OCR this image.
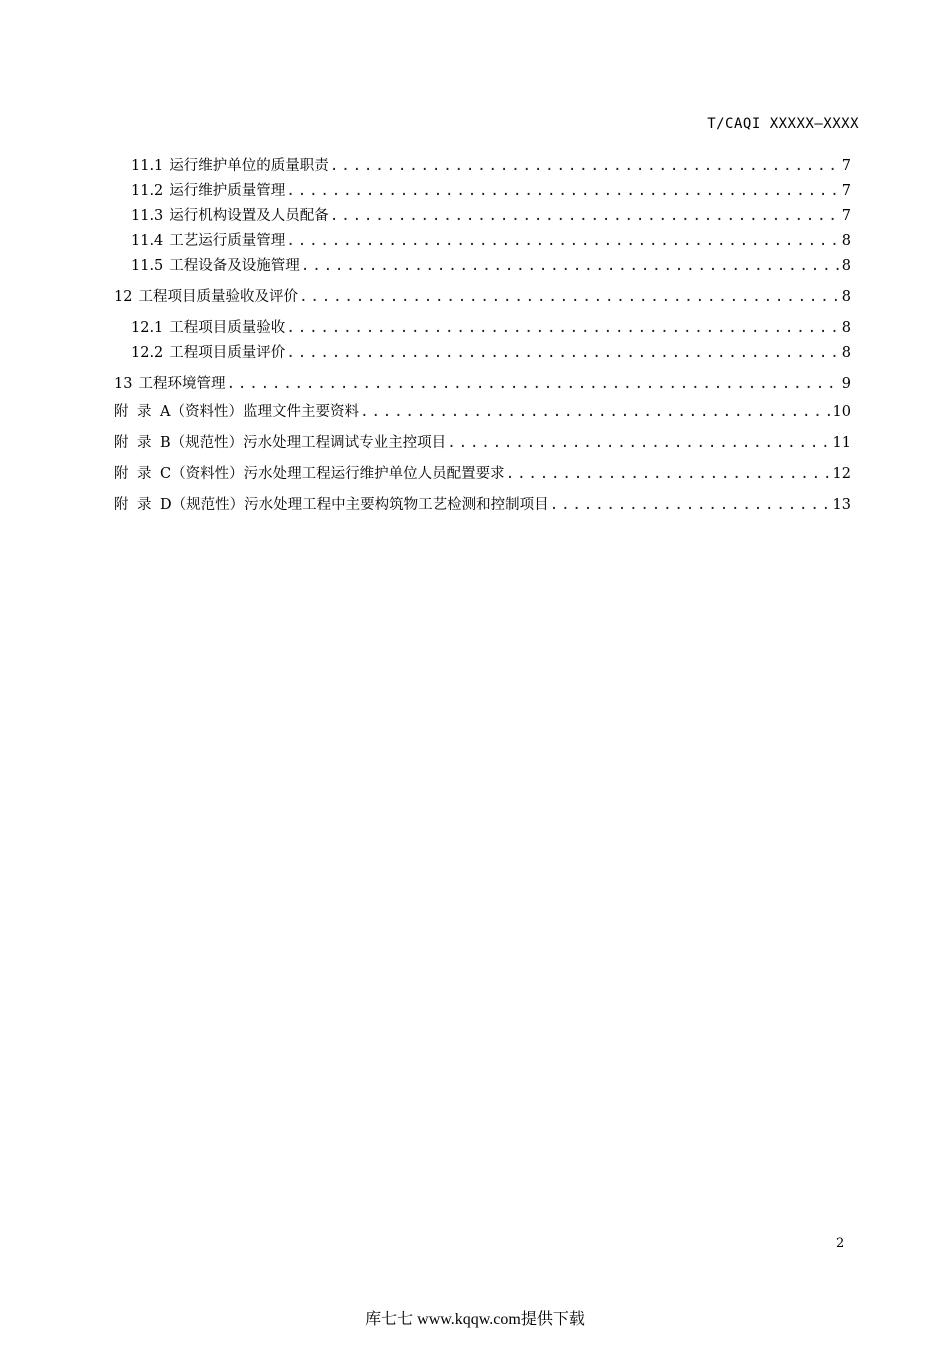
T/CAQI XXXXX—XXXX
11.1 运行维护单位的质量职责 .....	7
11.2 运行维护质量管理 .....	7
11.3 运行机构设置及人员配备 .....	7
11.4 工艺运行质量管理 .....	8
11.5 工程设备及设施管理 .....	8
12 工程项目质量验收及评价 .....	8
12.1 工程项目质量验收 .....	8
12.2 工程项目质量评价 .....	8
13 工程环境管理 .....	9
附 录 A （资料性） 监理文件主要资料 .....	10
附 录 B （规范性） 污水处理工程调试专业主控项目 .....	11
附 录 C （资料性） 污水处理工程运行维护单位人员配置要求 .....	12
附 录 D （规范性） 污水处理工程中主要构筑物工艺检测和控制项目 .....	13
2
库七七 www.kqqw.com提供下载
